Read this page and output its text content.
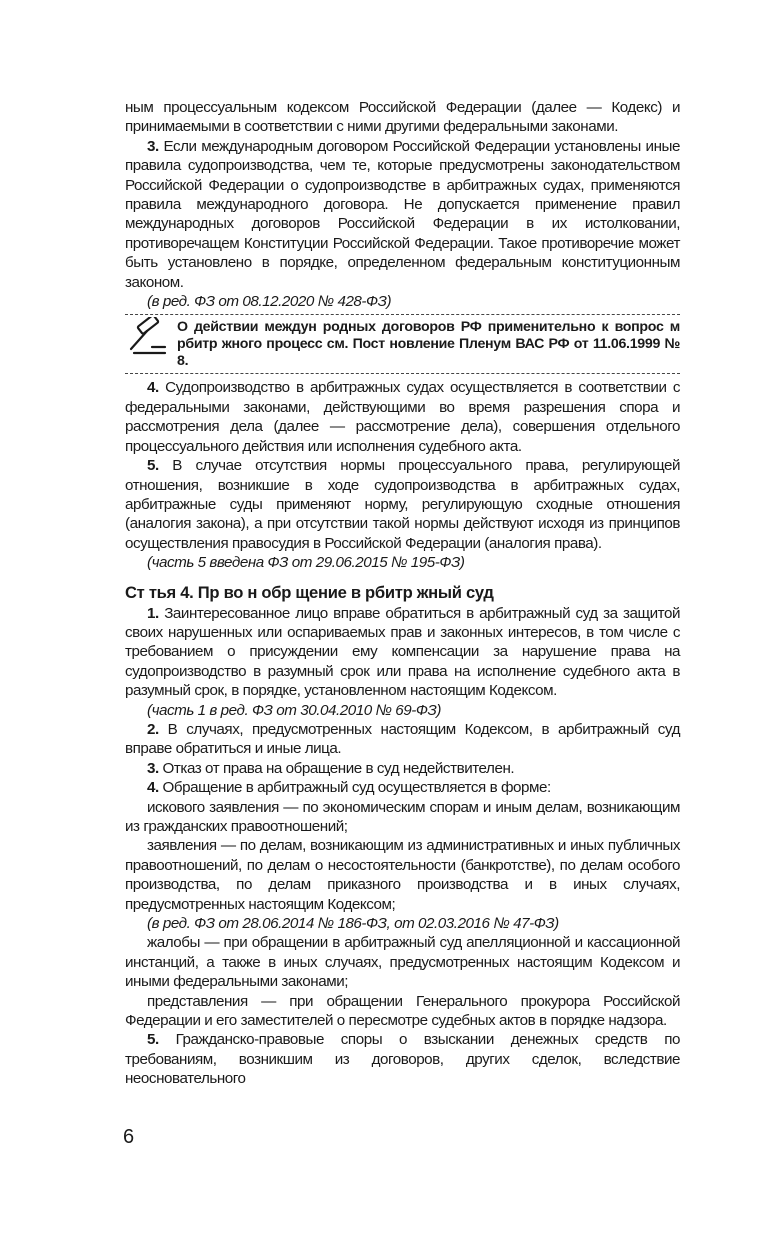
ным процессуальным кодексом Российской Федерации (далее — Кодекс) и принимаемыми в соответствии с ними другими федеральными законами.

3. Если международным договором Российской Федерации установлены иные правила судопроизводства, чем те, которые предусмотрены законодательством Российской Федерации о судопроизводстве в арбитражных судах, применяются правила международного договора. Не допускается применение правил международных договоров Российской Федерации в их истолковании, противоречащем Конституции Российской Федерации. Такое противоречие может быть установлено в порядке, определенном федеральным конституционным законом.

(в ред. ФЗ от 08.12.2020 № 428-ФЗ)

О действии междун родных договоров РФ применительно к вопрос м рбитр жного процесс см. Пост новление Пленум ВАС РФ от 11.06.1999 № 8.

4. Судопроизводство в арбитражных судах осуществляется в соответствии с федеральными законами, действующими во время разрешения спора и рассмотрения дела (далее — рассмотрение дела), совершения отдельного процессуального действия или исполнения судебного акта.

5. В случае отсутствия нормы процессуального права, регулирующей отношения, возникшие в ходе судопроизводства в арбитражных судах, арбитражные суды применяют норму, регулирующую сходные отношения (аналогия закона), а при отсутствии такой нормы действуют исходя из принципов осуществления правосудия в Российской Федерации (аналогия права).

(часть 5 введена ФЗ от 29.06.2015 № 195-ФЗ)

Ст тья 4. Пр во н обр щение в рбитр жный суд

1. Заинтересованное лицо вправе обратиться в арбитражный суд за защитой своих нарушенных или оспариваемых прав и законных интересов, в том числе с требованием о присуждении ему компенсации за нарушение права на судопроизводство в разумный срок или права на исполнение судебного акта в разумный срок, в порядке, установленном настоящим Кодексом.

(часть 1 в ред. ФЗ от 30.04.2010 № 69-ФЗ)

2. В случаях, предусмотренных настоящим Кодексом, в арбитражный суд вправе обратиться и иные лица.

3. Отказ от права на обращение в суд недействителен.

4. Обращение в арбитражный суд осуществляется в форме:

искового заявления — по экономическим спорам и иным делам, возникающим из гражданских правоотношений;

заявления — по делам, возникающим из административных и иных публичных правоотношений, по делам о несостоятельности (банкротстве), по делам особого производства, по делам приказного производства и в иных случаях, предусмотренных настоящим Кодексом;

(в ред. ФЗ от 28.06.2014 № 186-ФЗ, от 02.03.2016 № 47-ФЗ)

жалобы — при обращении в арбитражный суд апелляционной и кассационной инстанций, а также в иных случаях, предусмотренных настоящим Кодексом и иными федеральными законами;

представления — при обращении Генерального прокурора Российской Федерации и его заместителей о пересмотре судебных актов в порядке надзора.

5. Гражданско-правовые споры о взыскании денежных средств по требованиям, возникшим из договоров, других сделок, вследствие неосновательного

6
